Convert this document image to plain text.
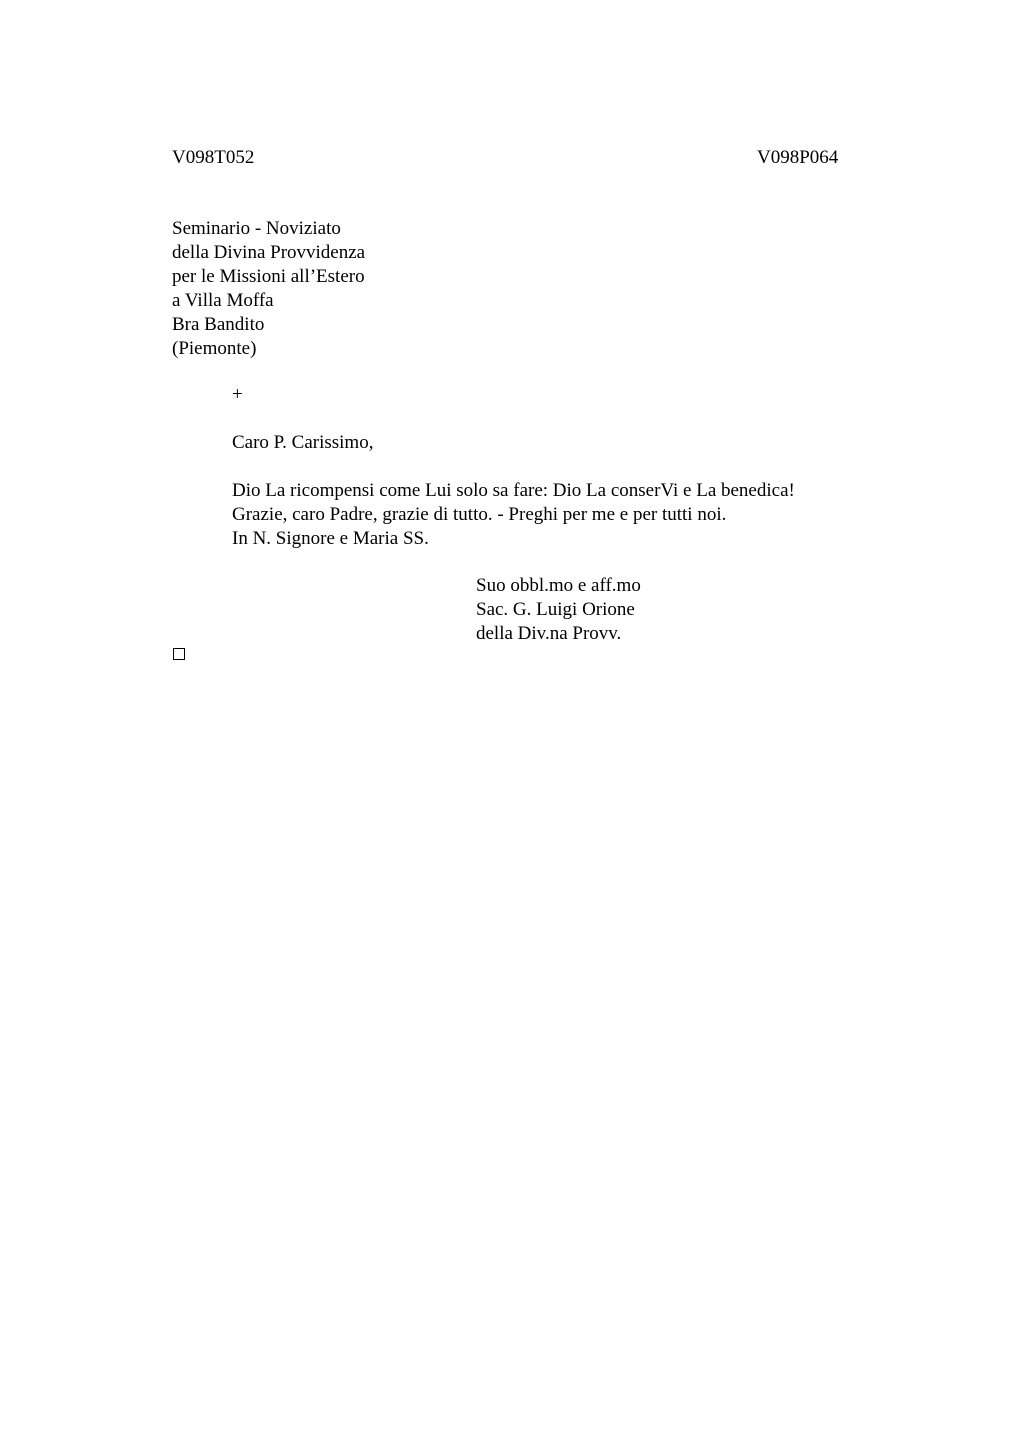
V098T052	V098P064
Seminario - Noviziato
della Divina Provvidenza
per le Missioni all’Estero
a Villa Moffa
Bra Bandito
(Piemonte)
+
Caro P. Carissimo,
Dio La ricompensi come Lui solo sa fare: Dio La conserVi e La benedica!
Grazie, caro Padre, grazie di tutto. - Preghi per me e per tutti noi.
In N. Signore e Maria SS.
Suo obbl.mo e aff.mo
Sac. G. Luigi Orione
della Div.na Provv.
